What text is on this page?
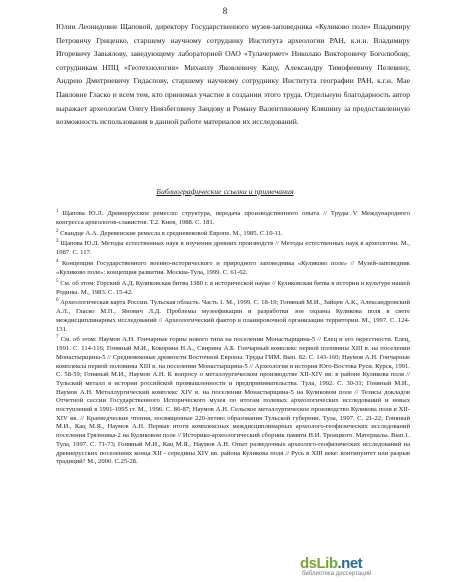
8

Юлии Леонидовне Щаповой, директору Государственного музея-заповедника «Куликово поле» Владимиру Петровичу Гриценко, старшему научному сотруднику Института археологии РАН, к.и.н. Владимиру Игоревичу Завьялову, заведующему лабораторией ОАО «Тулачермет» Николаю Викторовичу Боголюбову, сотрудникам НПЦ «Геотехнология» Михаилу Яковлевичу Кацу, Александру Тимофеевичу Пелевину, Андрею Дмитриевичу Гидаспову, старшему научному сотруднику Института географии РАН, к.г.н. Мае Павловне Гласко и всем тем, кто принимал участие в создании этого труда. Отдельную благодарность автор выражает археологам Олегу Ниязбеговичу Заидову и Роману Валентиновичу Кляшину за предоставленную возможность использования в данной работе материалов их исследований.

Библиографические ссылки и примечания
$^1$ Щапова Ю.Л. Древнерусское ремесло: структура, передача производственного опыта // Труды V Международного конгресса археологов-славистов. Т.2. Киев, 1988. С. 181.
$^2$ Свандце А.А. Деревенские ремесла в средневековой Европе. М., 1985. С.10-11.
$^3$ Щапова Ю.Л. Методы естественных наук в изучении древних производств // Методы естественных наук в археологии. М., 1987. С. 117.
$^4$ Концепция Государственного военно-исторического и природного заповедника «Куликово поле» // Музей-заповедник «Куликово поле»: концепция развития. Москва-Тула, 1999. С. 61-62.
$^5$ См. об этом: Горский А.Д. Куликовская битва 1380 г. в исторической науке // Куликовская битва в истории и культуре нашей Родины. М., 1983. С. 15-42.
$^6$ Археологическая карта России. Тульская область. Часть 1. М., 1999. С. 18-19; Гоняный М.И., Зайцев А.К., Александровский А.Л., Гласко М.П., Янович Л.Д. Проблемы музеефикации и разработки зон охраны Куликова поля в свете междисциплинарных исследований // Археологический фактор в планировочной организации территории. М., 1997. С. 124-131.
$^7$ См. об этом: Наумов А.Н. Гончарные горны нового типа на поселении Монастырщина-5 // Елец и его окрестности. Елец, 1991. С. 114-116; Гоняный М.И., Кокорина Н.А., Свирина А.Б. Гончарный комплекс первой половины XIII в. на поселении Монастырщина-5 // Средневековые древности Восточной Европы. Труды ГИМ. Вып. 82. С. 143-160; Наумов А.Н. Гончарные комплексы первой половины XIII в. на поселении Монастырщина-5 // Археология и история Юго-Востока Руси. Курск, 1991. С. 58-59; Гоняный М.И., Наумов А.Н. К вопросу о металлургическом производстве XII-XIV вв. в районе Куликова поля // Тульский металл в истории российской промышленности и предпринимательства. Тула, 1992. С. 30-31; Гоняный М.И., Наумов А.Н. Металлургический комплекс XIV в. на поселении Монастырщина-5 на Куликовом поле // Тезисы докладов Отчетной сессии Государственного Исторического музея по итогам полевых археологических исследований и новых поступлений в 1991-1995 гг. М., 1996. С. 86-87; Наумов А.Н. Сельское металлургическое производство Куликова поля в XII-XIV вв. // Краеведческие чтения, посвященные 220-летию образования Тульской губернии. Тула, 1997. С. 21-22; Гоняный М.И., Кац М.Я., Наумов А.Н. Первые итоги комплексных междисциплинарных археолого-геофизических исследований поселения Грязновка-2 на Куликовом поле // Историко-археологический сборник памяти Н.И. Троицкого. Материалы. Вып.1. Тула, 1997. С. 71-73; Гоняный М.И., Кац М.Я., Наумов А.Н. Опыт разведочных археолого-геофизических исследований на древнерусских поселениях конца XII - середины XIV вв. района Куликова поля // Русь в XIII веке: континуитет или разрыв традиций? М., 2000. С.25-28.
dsLib.net
библиотека диссертаций
